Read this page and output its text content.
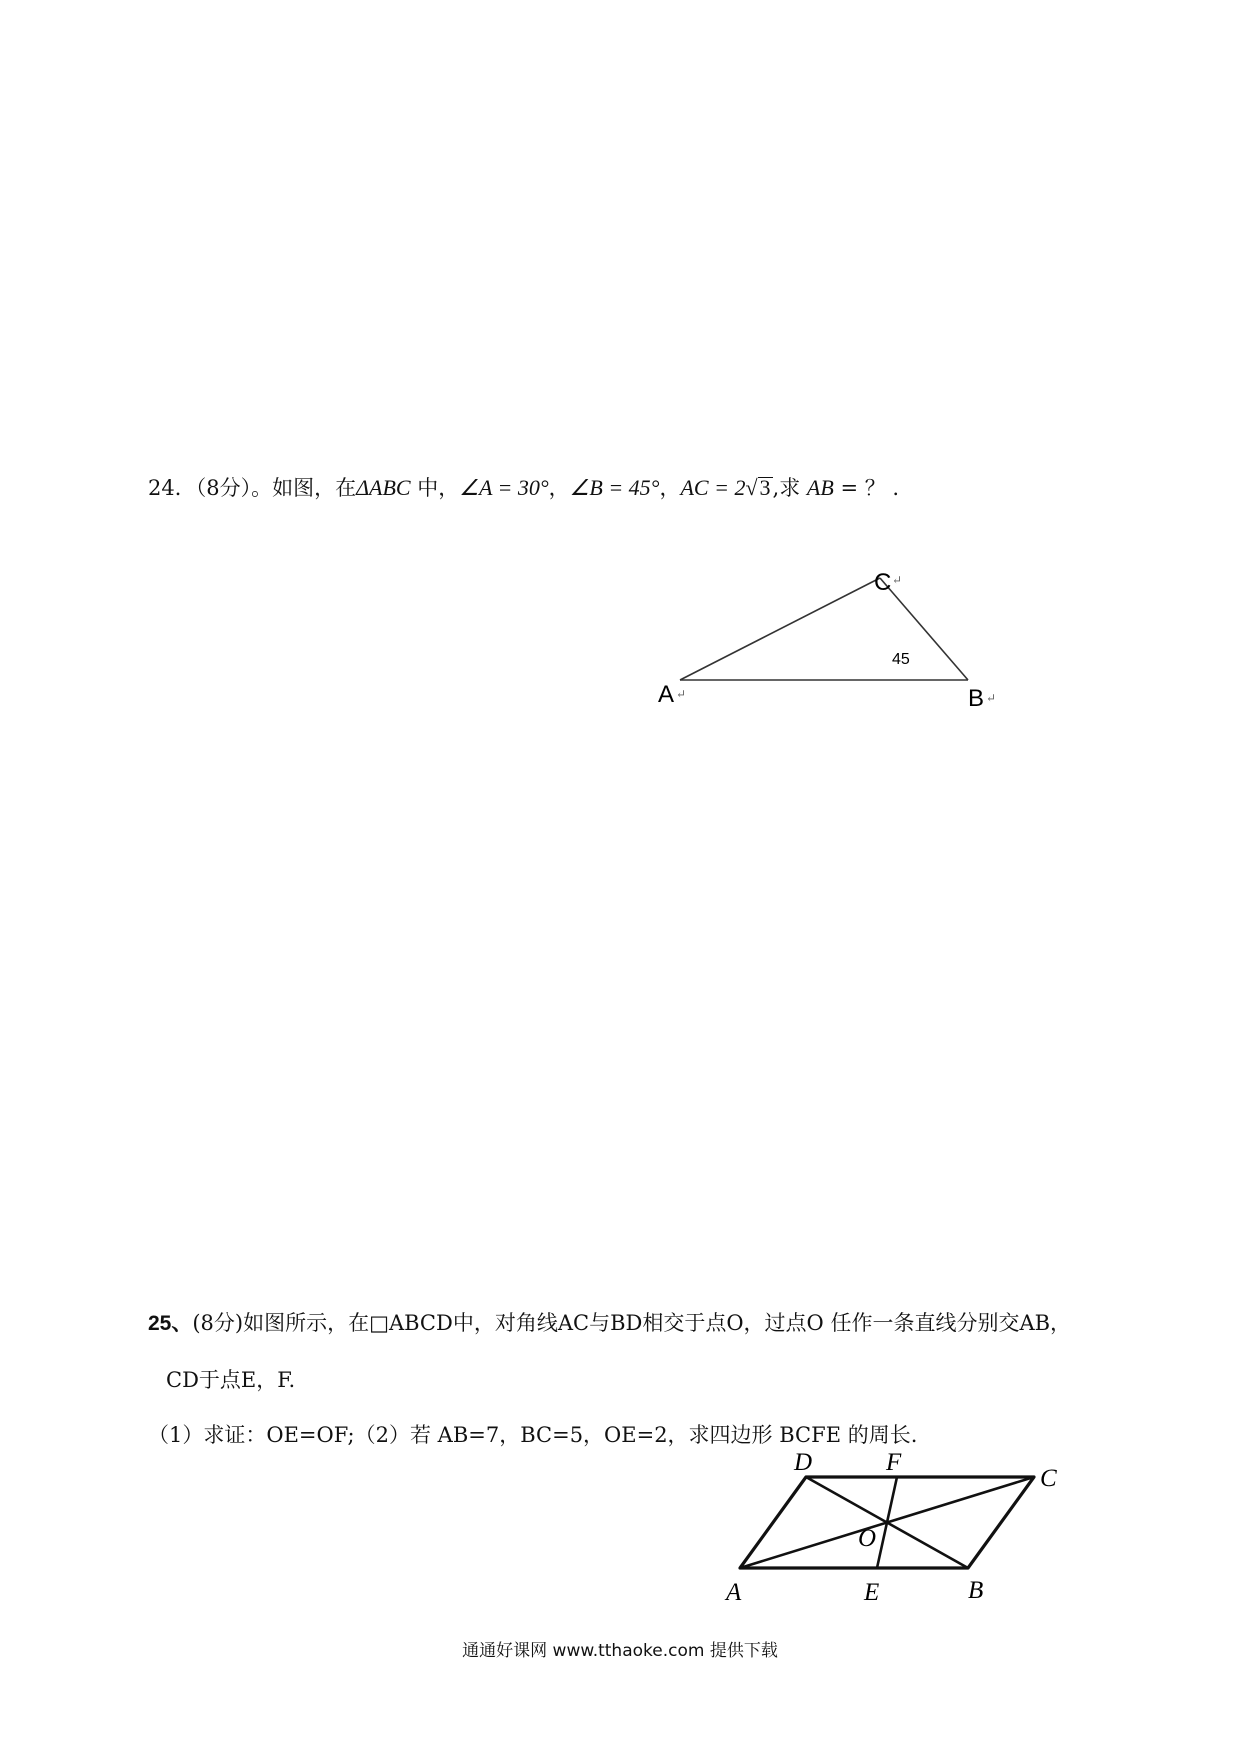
24．（8分）。如图，在ΔABC 中，∠A = 30°，∠B = 45°，AC = 2√3,求 AB = ？ .
A ↵	B ↵
C ↵
45
25、(8分)如图所示，在□ABCD中，对角线AC与BD相交于点O，过点O 任作一条直线分别交AB，
CD于点E，F.
（1）求证：OE=OF;（2）若 AB=7，BC=5，OE=2，求四边形 BCFE 的周长.
A	B
C
D
E
F
O
通通好课网 www.tthaoke.com 提供下载
